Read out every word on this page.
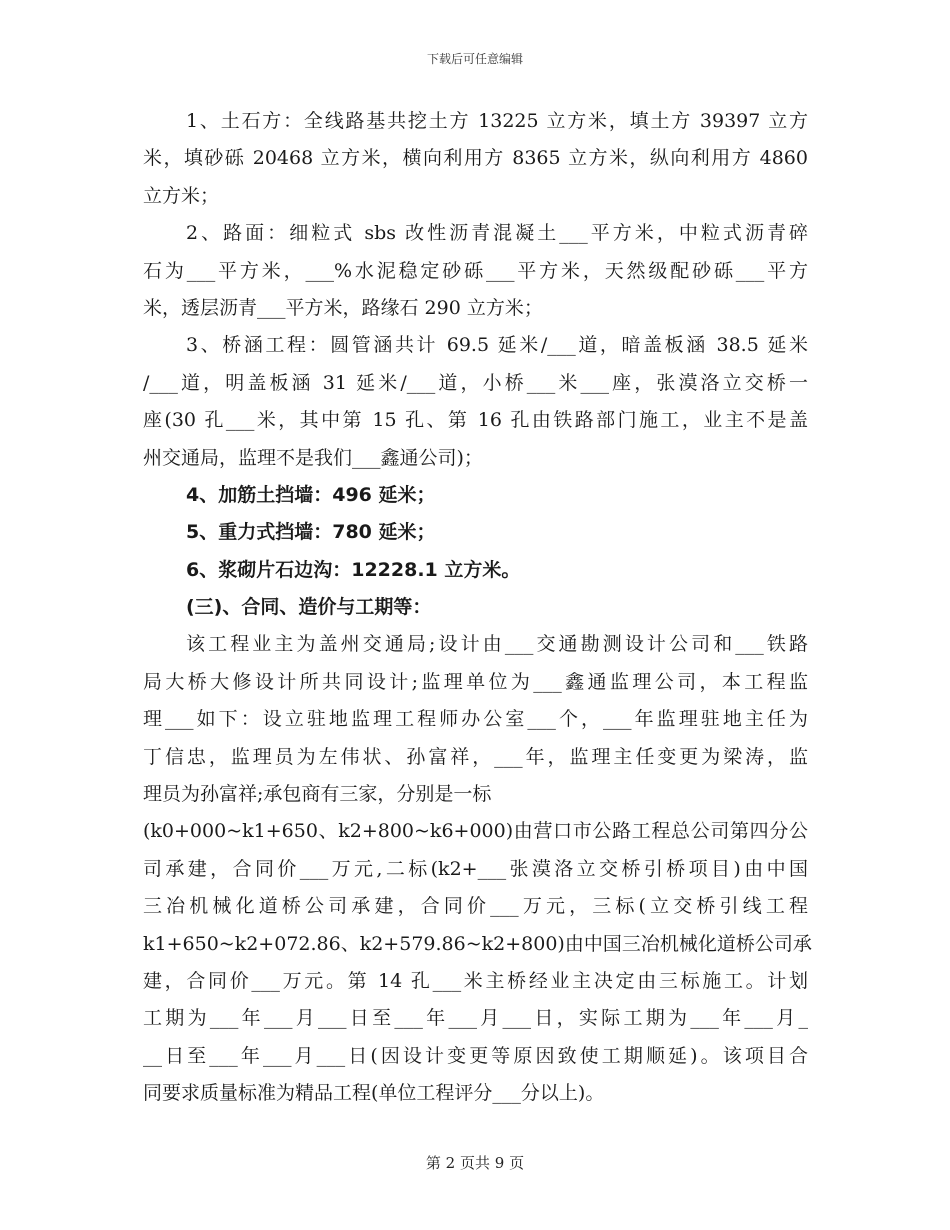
下载后可任意编辑
1、土石方：全线路基共挖土方 13225 立方米，填土方 39397 立方
米，填砂砾 20468 立方米，横向利用方 8365 立方米，纵向利用方 4860
立方米；
2、路面：细粒式 sbs 改性沥青混凝土___平方米，中粒式沥青碎
石为___平方米，___%水泥稳定砂砾___平方米，天然级配砂砾___平方
米，透层沥青___平方米，路缘石 290 立方米；
3、桥涵工程：圆管涵共计 69.5 延米/___道，暗盖板涵 38.5 延米
/___道，明盖板涵 31 延米/___道，小桥___米___座，张漠洛立交桥一
座(30 孔___米，其中第 15 孔、第 16 孔由铁路部门施工，业主不是盖
州交通局，监理不是我们___鑫通公司)；
4、加筋土挡墙：496 延米；
5、重力式挡墙：780 延米；
6、浆砌片石边沟：12228.1 立方米。
(三)、合同、造价与工期等：
该工程业主为盖州交通局;设计由___交通勘测设计公司和___铁路
局大桥大修设计所共同设计;监理单位为___鑫通监理公司，本工程监
理___如下：设立驻地监理工程师办公室___个，___年监理驻地主任为
丁信忠，监理员为左伟状、孙富祥，___年，监理主任变更为梁涛，监
理员为孙富祥;承包商有三家，分别是一标
(k0+000~k1+650、k2+800~k6+000)由营口市公路工程总公司第四分公
司承建，合同价___万元,二标(k2+___张漠洛立交桥引桥项目)由中国
三冶机械化道桥公司承建，合同价___万元，三标(立交桥引线工程
k1+650~k2+072.86、k2+579.86~k2+800)由中国三冶机械化道桥公司承
建，合同价___万元。第 14 孔___米主桥经业主决定由三标施工。计划
工期为___年___月___日至___年___月___日，实际工期为___年___月_
__日至___年___月___日(因设计变更等原因致使工期顺延)。该项目合
同要求质量标准为精品工程(单位工程评分___分以上)。
第 2 页共 9 页
